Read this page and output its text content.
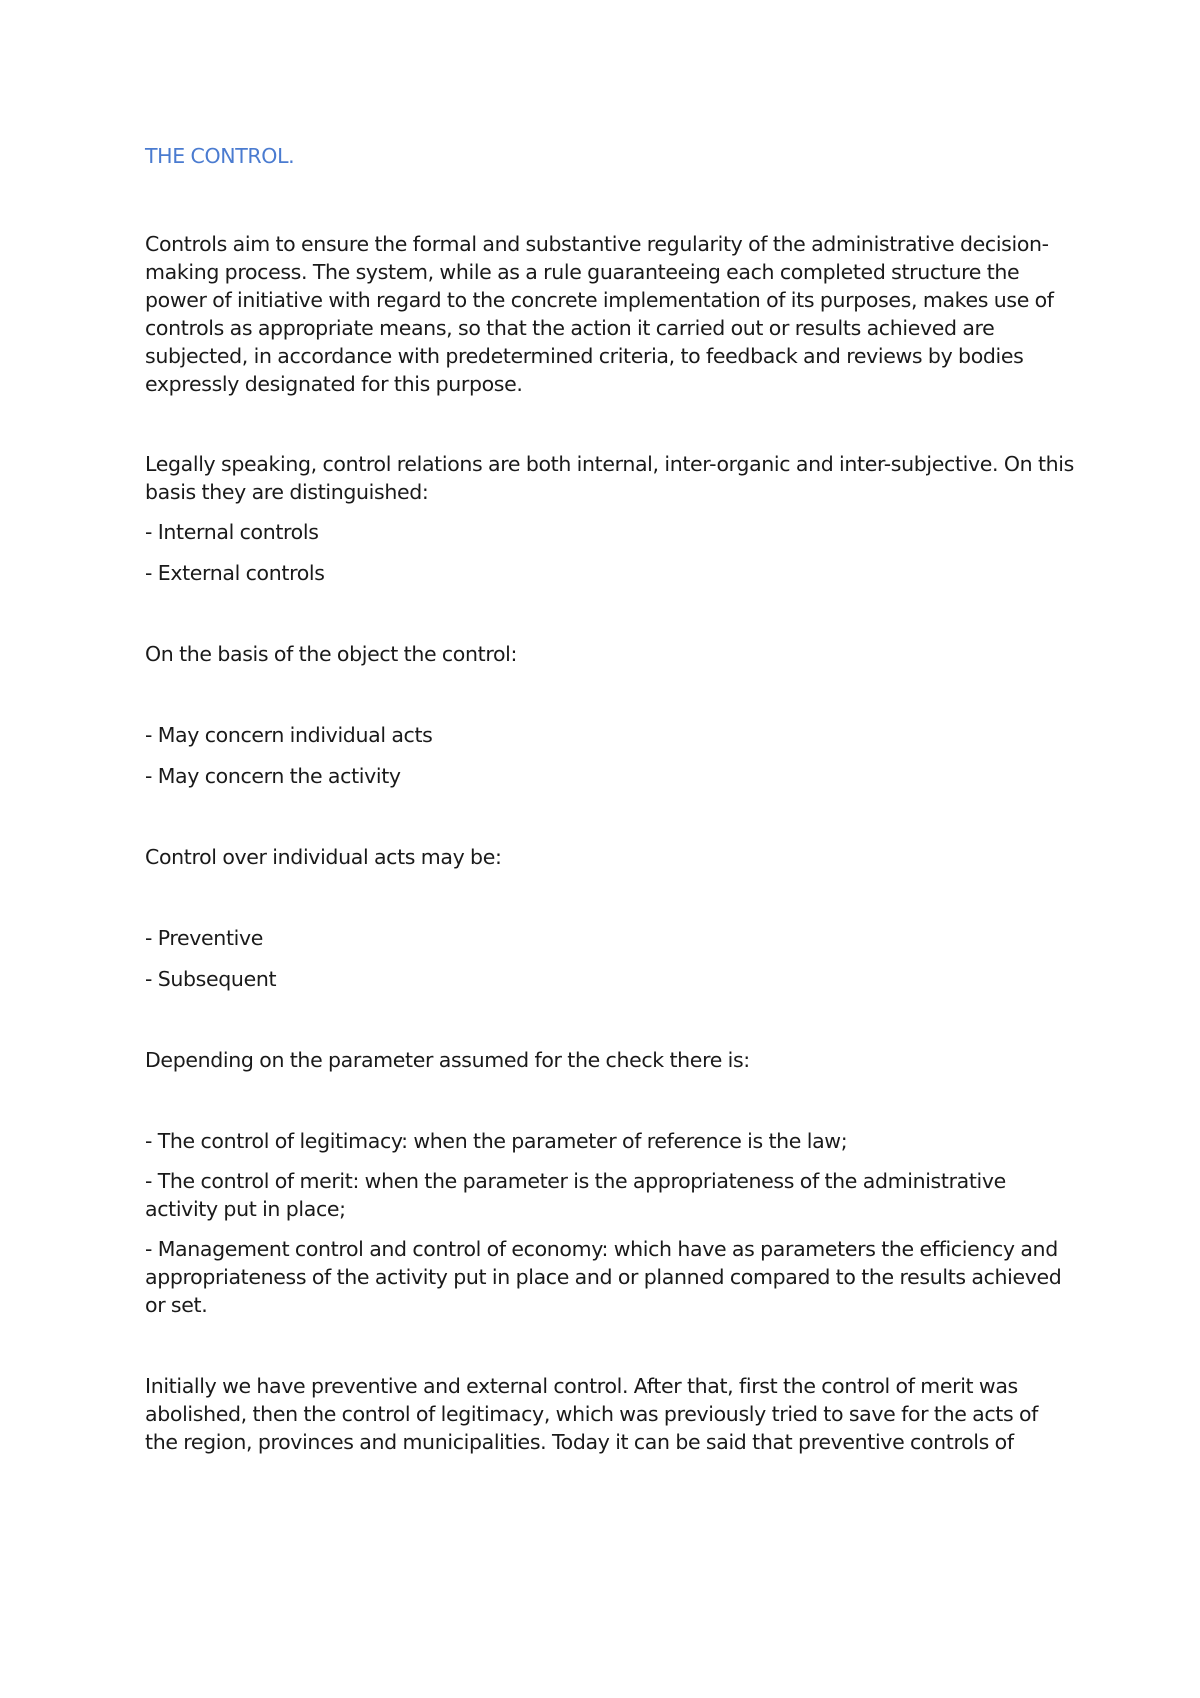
THE CONTROL.

Controls aim to ensure the formal and substantive regularity of the administrative decision-making process. The system, while as a rule guaranteeing each completed structure the power of initiative with regard to the concrete implementation of its purposes, makes use of controls as appropriate means, so that the action it carried out or results achieved are subjected, in accordance with predetermined criteria, to feedback and reviews by bodies expressly designated for this purpose.

Legally speaking, control relations are both internal, inter-organic and inter-subjective. On this basis they are distinguished:

- Internal controls

- External controls

On the basis of the object the control:

- May concern individual acts

- May concern the activity

Control over individual acts may be:

- Preventive

- Subsequent

Depending on the parameter assumed for the check there is:

- The control of legitimacy: when the parameter of reference is the law;

- The control of merit: when the parameter is the appropriateness of the administrative activity put in place;

- Management control and control of economy: which have as parameters the efficiency and appropriateness of the activity put in place and or planned compared to the results achieved or set.

Initially we have preventive and external control. After that, first the control of merit was abolished, then the control of legitimacy, which was previously tried to save for the acts of the region, provinces and municipalities. Today it can be said that preventive controls of
